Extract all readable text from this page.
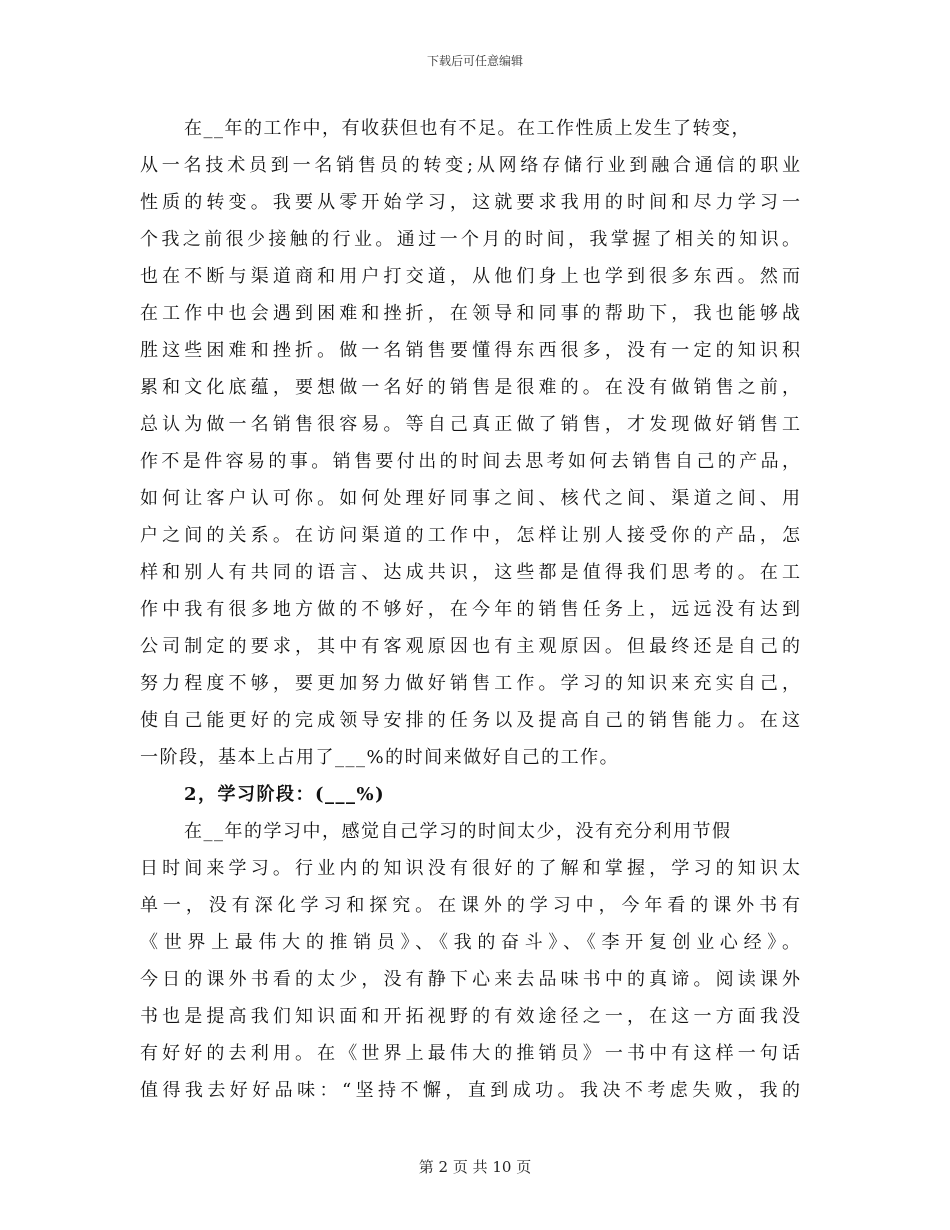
下载后可任意编辑
在__年的工作中，有收获但也有不足。在工作性质上发生了转变，
从一名技术员到一名销售员的转变;从网络存储行业到融合通信的职业
性质的转变。我要从零开始学习，这就要求我用的时间和尽力学习一
个我之前很少接触的行业。通过一个月的时间，我掌握了相关的知识。
也在不断与渠道商和用户打交道，从他们身上也学到很多东西。然而
在工作中也会遇到困难和挫折，在领导和同事的帮助下，我也能够战
胜这些困难和挫折。做一名销售要懂得东西很多，没有一定的知识积
累和文化底蕴，要想做一名好的销售是很难的。在没有做销售之前，
总认为做一名销售很容易。等自己真正做了销售，才发现做好销售工
作不是件容易的事。销售要付出的时间去思考如何去销售自己的产品，
如何让客户认可你。如何处理好同事之间、核代之间、渠道之间、用
户之间的关系。在访问渠道的工作中，怎样让别人接受你的产品，怎
样和别人有共同的语言、达成共识，这些都是值得我们思考的。在工
作中我有很多地方做的不够好，在今年的销售任务上，远远没有达到
公司制定的要求，其中有客观原因也有主观原因。但最终还是自己的
努力程度不够，要更加努力做好销售工作。学习的知识来充实自己，
使自己能更好的完成领导安排的任务以及提高自己的销售能力。在这
一阶段，基本上占用了___%的时间来做好自己的工作。
2，学习阶段：(___%)
在__年的学习中，感觉自己学习的时间太少，没有充分利用节假
日时间来学习。行业内的知识没有很好的了解和掌握，学习的知识太
单一，没有深化学习和探究。在课外的学习中，今年看的课外书有
《世界上最伟大的推销员》、《我的奋斗》、《李开复创业心经》。
今日的课外书看的太少，没有静下心来去品味书中的真谛。阅读课外
书也是提高我们知识面和开拓视野的有效途径之一，在这一方面我没
有好好的去利用。在《世界上最伟大的推销员》一书中有这样一句话
值得我去好好品味：“坚持不懈，直到成功。我决不考虑失败，我的
第 2 页 共 10 页
